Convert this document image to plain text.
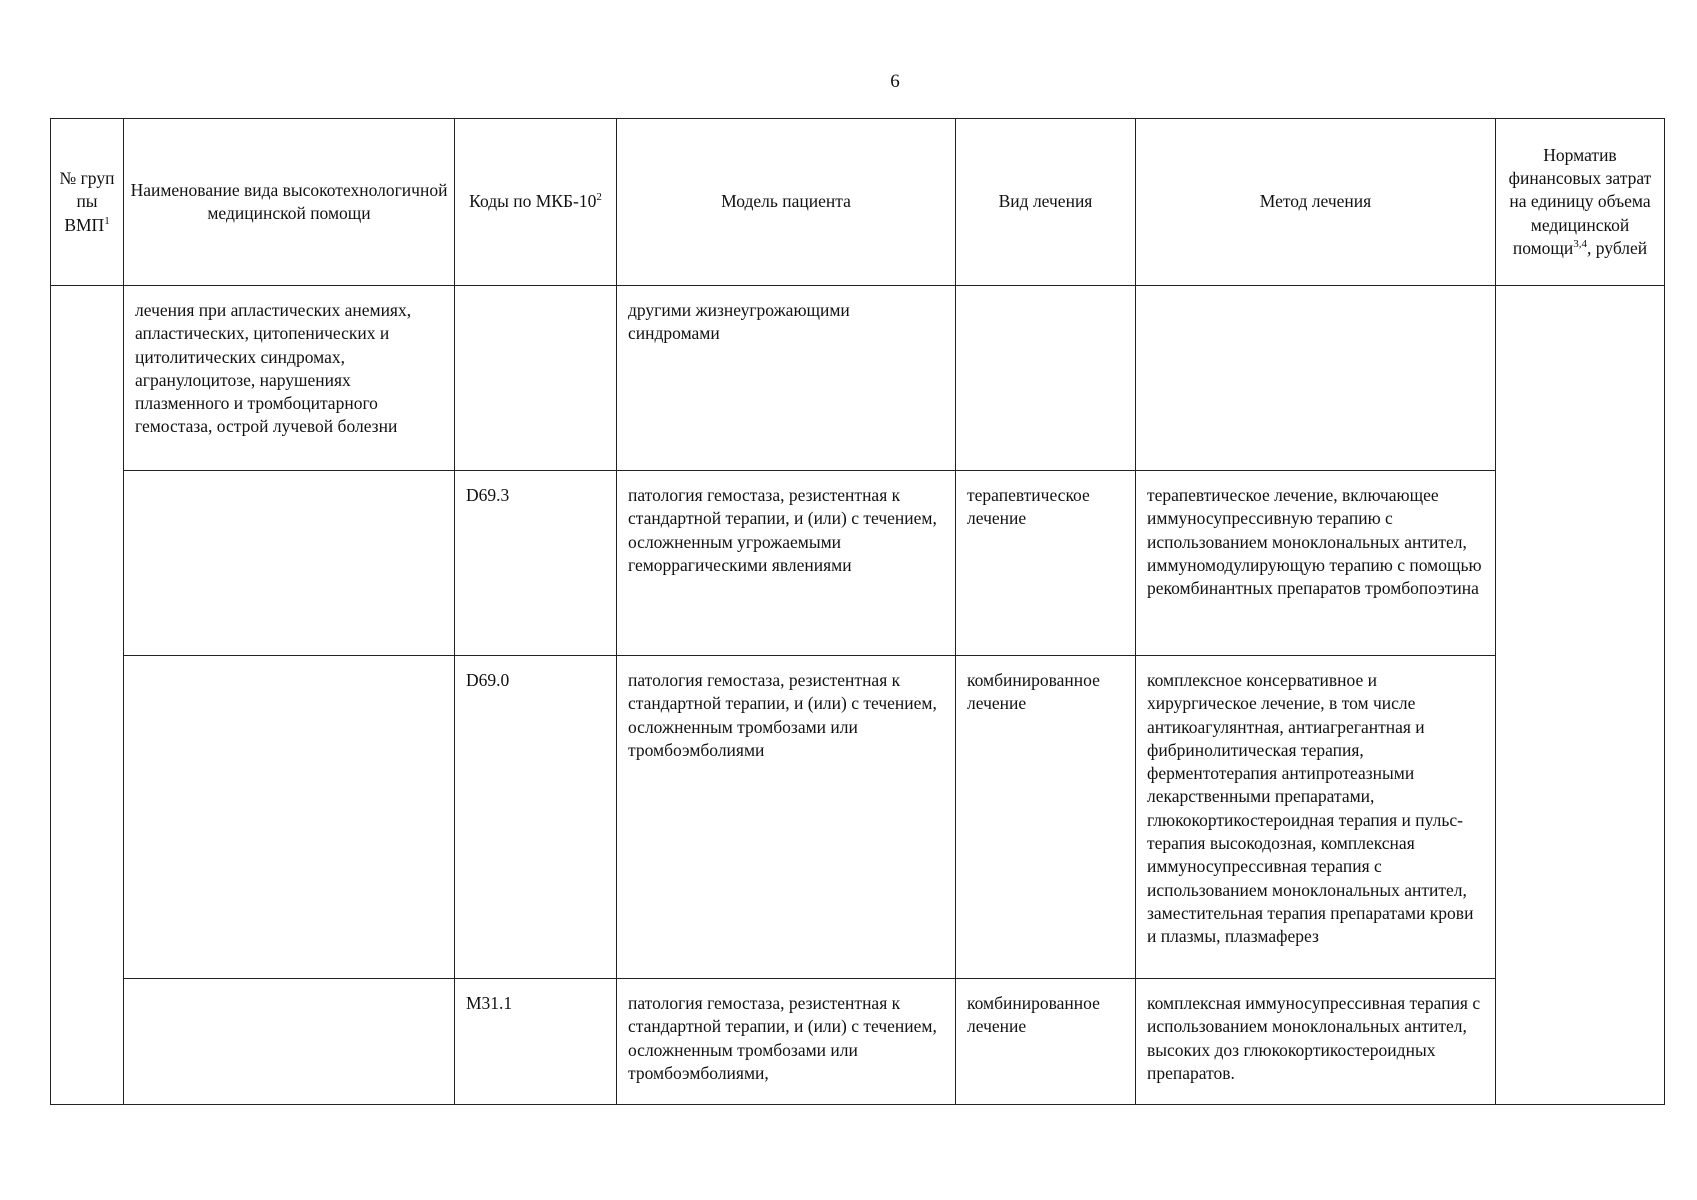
6
№ груп пы ВМП$^1$	Наименование вида высокотехнологичной медицинской помощи	Коды по МКБ-$10^2$	Модель пациента	Вид лечения	Метод лечения	Норматив финансовых затрат на единицу объема медицинской помощи$^{3,4}$, рублей
	лечения при апластических анемиях, апластических, цитопенических и цитолитических синдромах, агранулоцитозе, нарушениях плазменного и тромбоцитарного гемостаза, острой лучевой болезни		другими жизнеугрожающими синдромами			
		D69.3	патология гемостаза, резистентная к стандартной терапии, и (или) с течением, осложненным угрожаемыми геморрагическими явлениями	терапевтическое лечение	терапевтическое лечение, включающее иммуносупрессивную терапию с использованием моноклональных антител, иммуномодулирующую терапию с помощью рекомбинантных препаратов тромбопоэтина	
		D69.0	патология гемостаза, резистентная к стандартной терапии, и (или) с течением, осложненным тромбозами или тромбоэмболиями	комбинированное лечение	комплексное консервативное и хирургическое лечение, в том числе антикоагулянтная, антиагрегантная и фибринолитическая терапия, ферментотерапия антипротеазными лекарственными препаратами, глюкокортикостероидная терапия и пульс-терапия высокодозная, комплексная иммуносупрессивная терапия с использованием моноклональных антител, заместительная терапия препаратами крови и плазмы, плазмаферез	
		M31.1	патология гемостаза, резистентная к стандартной терапии, и (или) с течением, осложненным тромбозами или тромбоэмболиями,	комбинированное лечение	комплексная иммуносупрессивная терапия с использованием моноклональных антител, высоких доз глюкокортикостероидных препаратов.	
